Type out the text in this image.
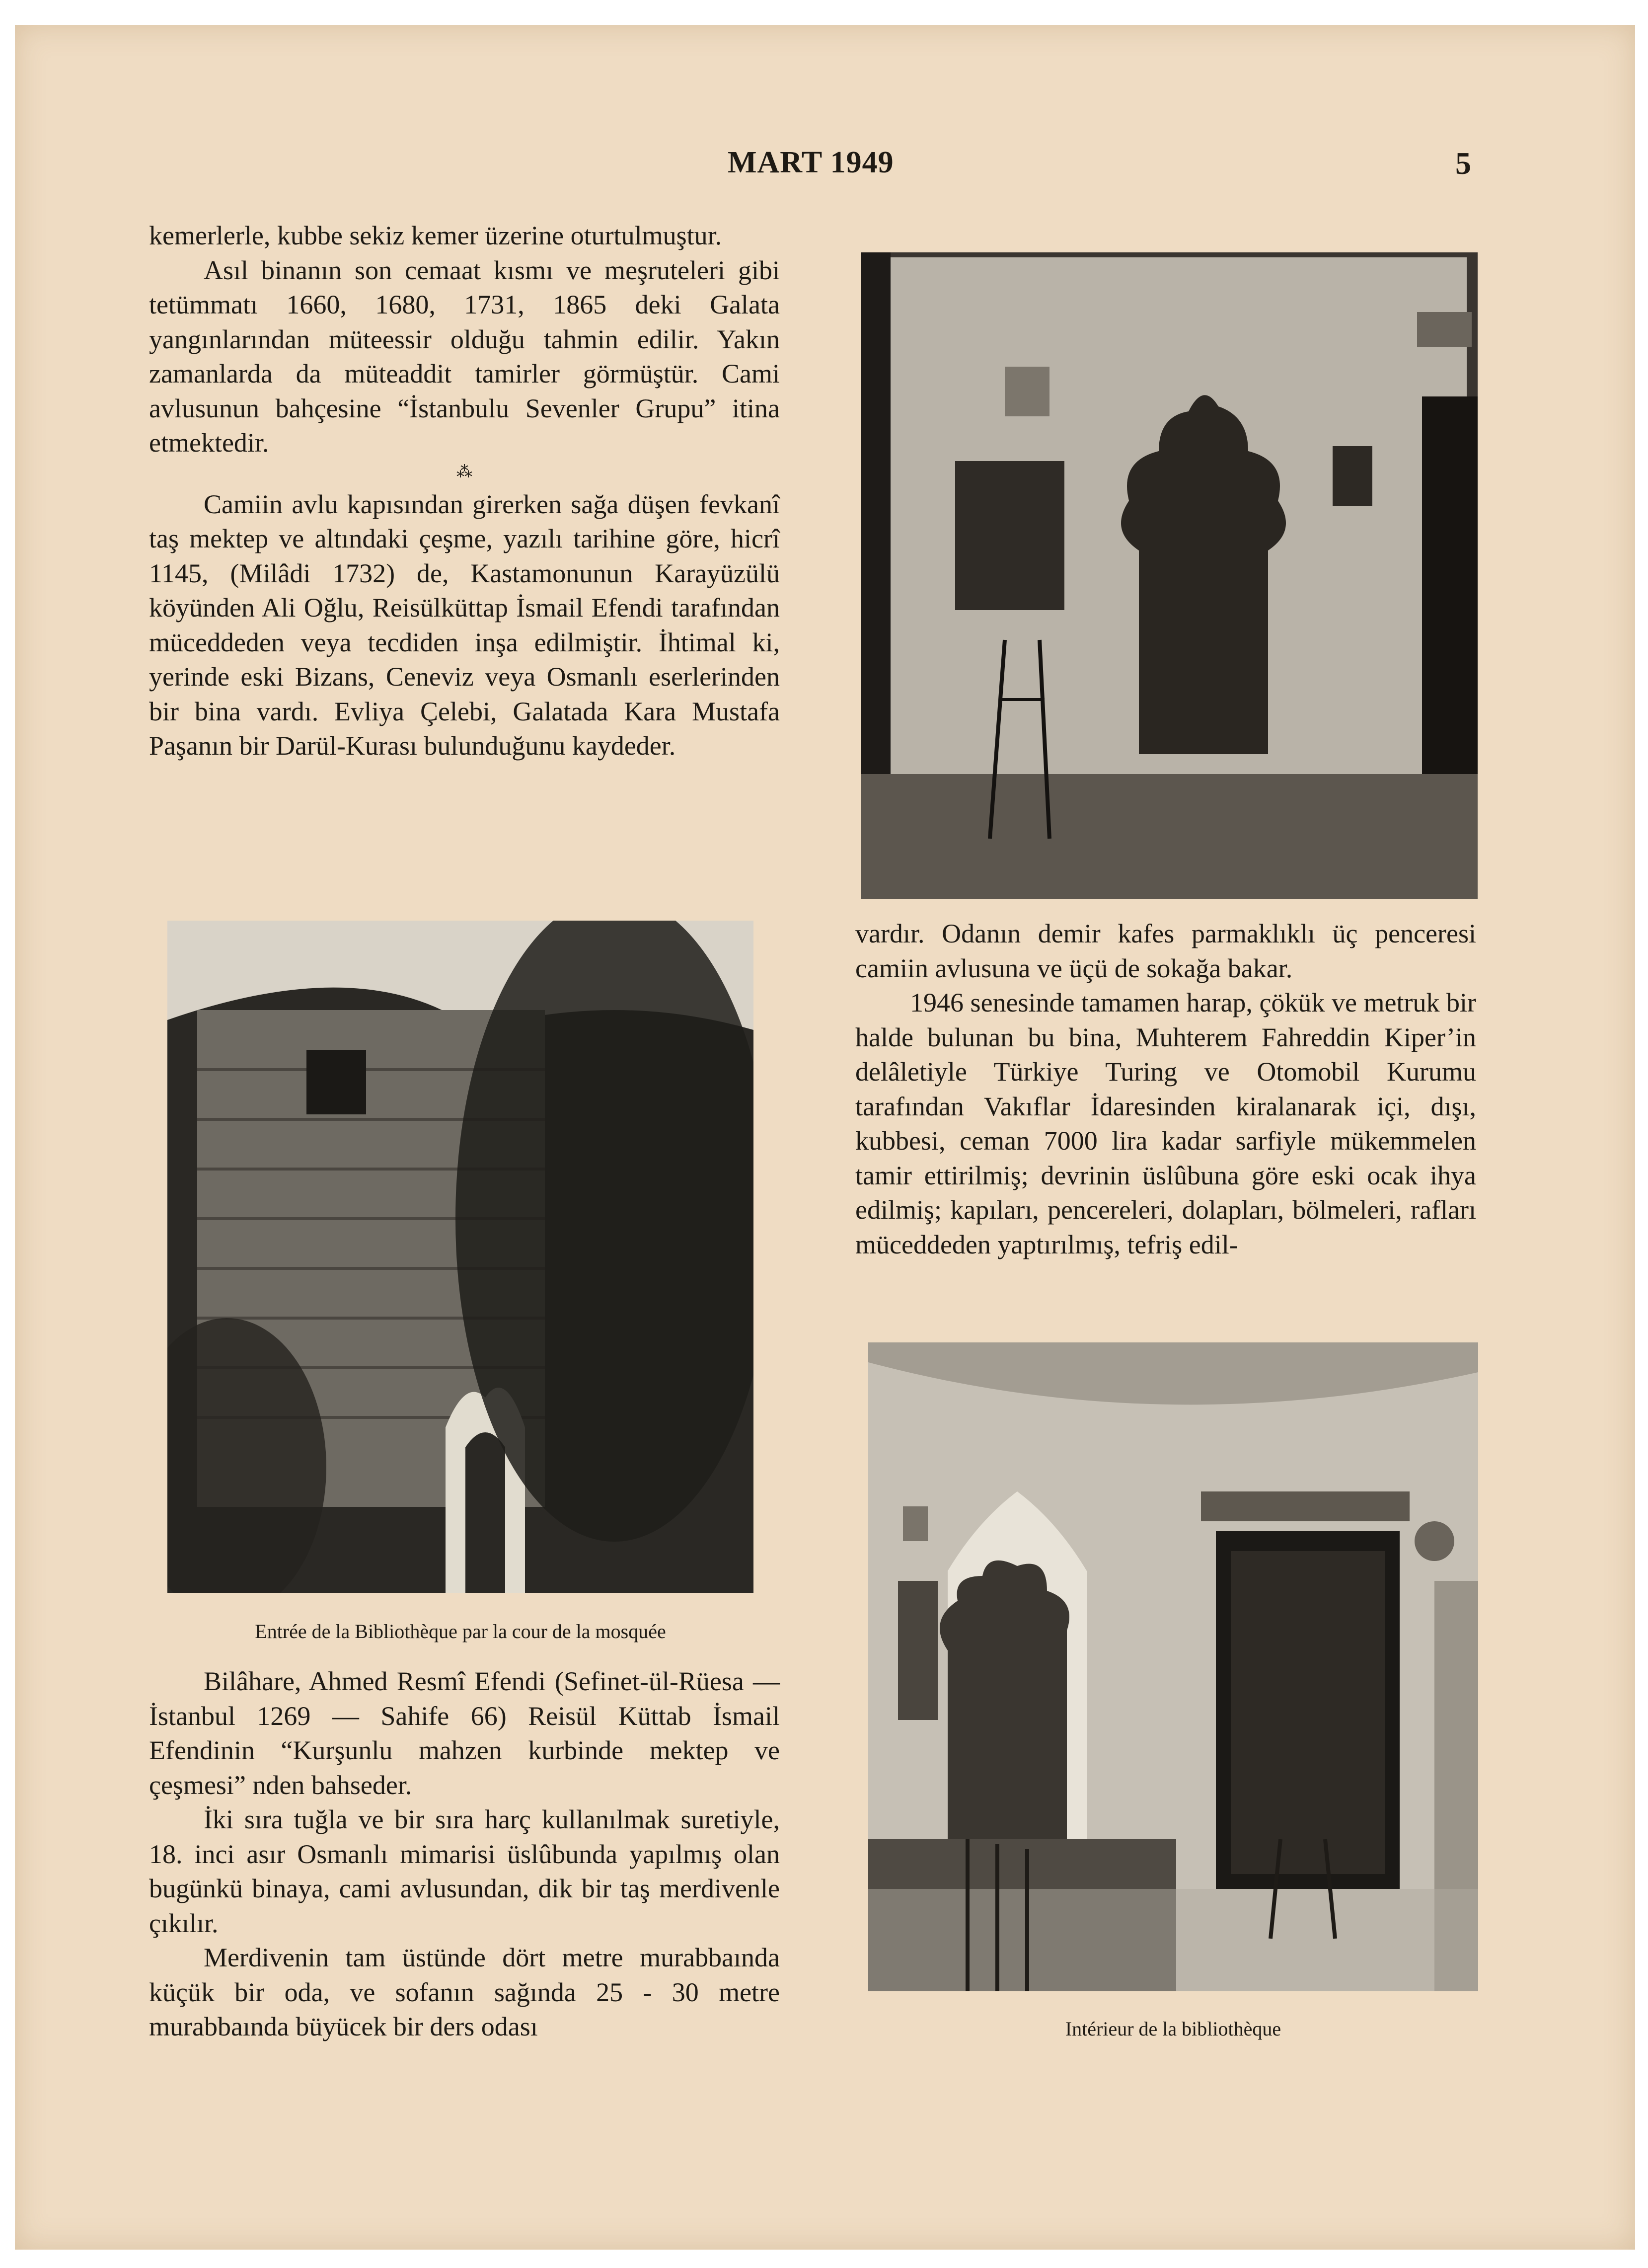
MART 1949	5

kemerlerle, kubbe sekiz kemer üzerine oturtulmuştur.

Asıl binanın son cemaat kısmı ve meşruteleri gibi tetümmatı 1660, 1680, 1731, 1865 deki Galata yangınlarından müteessir olduğu tahmin edilir. Yakın zamanlarda da müteaddit tamirler görmüştür. Cami avlusunun bahçesine “İstanbulu Sevenler Grupu” itina etmektedir.

⁂

Camiin avlu kapısından girerken sağa düşen fevkanî taş mektep ve altındaki çeşme, yazılı tarihine göre, hicrî 1145, (Milâdi 1732) de, Kastamonunun Karayüzülü köyünden Ali Oğlu, Reisülküttap İsmail Efendi tarafından müceddeden veya tecdiden inşa edilmiştir. İhtimal ki, yerinde eski Bizans, Ceneviz veya Osmanlı eserlerinden bir bina vardı. Evliya Çelebi, Galatada Kara Mustafa Paşanın bir Darül-Kurası bulunduğunu kaydeder.

Entrée de la Bibliothèque par la cour de la mosquée

Bilâhare, Ahmed Resmî Efendi (Sefinet-ül-Rüesa — İstanbul 1269 — Sahife 66) Reisül Küttab İsmail Efendinin “Kurşunlu mahzen kurbinde mektep ve çeşmesi” nden bahseder.

İki sıra tuğla ve bir sıra harç kullanılmak suretiyle, 18. inci asır Osmanlı mimarisi üslûbunda yapılmış olan bugünkü binaya, cami avlusundan, dik bir taş merdivenle çıkılır.

Merdivenin tam üstünde dört metre murabbaında küçük bir oda, ve sofanın sağında 25 - 30 metre murabbaında büyücek bir ders odası

vardır. Odanın demir kafes parmaklıklı üç penceresi camiin avlusuna ve üçü de sokağa bakar.

1946 senesinde tamamen harap, çökük ve metruk bir halde bulunan bu bina, Muhterem Fahreddin Kiper’in delâletiyle Türkiye Turing ve Otomobil Kurumu tarafından Vakıflar İdaresinden kiralanarak içi, dışı, kubbesi, ceman 7000 lira kadar sarfiyle mükemmelen tamir ettirilmiş; devrinin üslûbuna göre eski ocak ihya edilmiş; kapıları, pencereleri, dolapları, bölmeleri, rafları müceddeden yaptırılmış, tefriş edil-

Intérieur de la bibliothèque
